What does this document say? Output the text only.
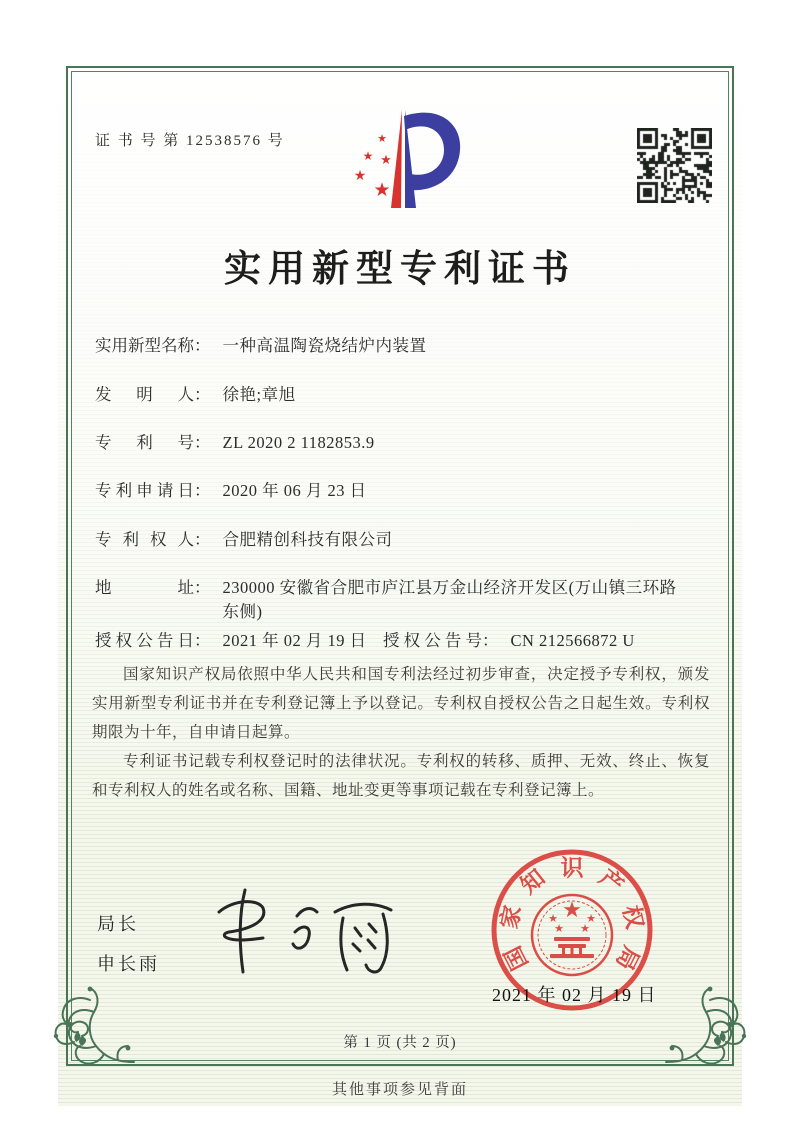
证 书 号 第 12538576 号	★
★ ★
★
★
实用新型专利证书
实用新型名称 ： 一种高温陶瓷烧结炉内装置
发明人 ： 徐艳;章旭
专利号 ： ZL 2020 2 1182853.9
专利申请日 ： 2020 年 06 月 23 日
专利权人 ： 合肥精创科技有限公司
地址 ： 230000 安徽省合肥市庐江县万金山经济开发区(万山镇三环路东侧)
授权公告日 ： 2021 年 02 月 19 日 授权公告号 ： CN 212566872 U

国家知识产权局依照中华人民共和国专利法经过初步审查，决定授予专利权，颁发实用新型专利证书并在专利登记簿上予以登记。专利权自授权公告之日起生效。专利权期限为十年，自申请日起算。

专利证书记载专利权登记时的法律状况。专利权的转移、质押、无效、终止、恢复和专利权人的姓名或名称、国籍、地址变更等事项记载在专利登记簿上。

局长
申长雨	国
家
知 识 产
权
局
★
★	★
★ ★
2021 年 02 月 19 日
第 1 页 (共 2 页)
其他事项参见背面
